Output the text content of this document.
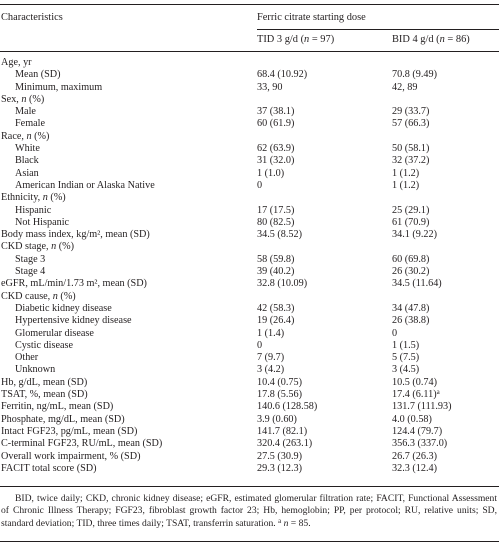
Characteristics	Ferric citrate starting dose
TID 3 g/d (n = 97)	BID 4 g/d (n = 86)
Age, yr
Mean (SD)	68.4 (10.92)	70.8 (9.49)
Minimum, maximum	33, 90	42, 89
Sex, n (%)
Male	37 (38.1)	29 (33.7)
Female	60 (61.9)	57 (66.3)
Race, n (%)
White	62 (63.9)	50 (58.1)
Black	31 (32.0)	32 (37.2)
Asian	1 (1.0)	1 (1.2)
American Indian or Alaska Native	0	1 (1.2)
Ethnicity, n (%)
Hispanic	17 (17.5)	25 (29.1)
Not Hispanic	80 (82.5)	61 (70.9)
Body mass index, kg/m², mean (SD)	34.5 (8.52)	34.1 (9.22)
CKD stage, n (%)
Stage 3	58 (59.8)	60 (69.8)
Stage 4	39 (40.2)	26 (30.2)
eGFR, mL/min/1.73 m², mean (SD)	32.8 (10.09)	34.5 (11.64)
CKD cause, n (%)
Diabetic kidney disease	42 (58.3)	34 (47.8)
Hypertensive kidney disease	19 (26.4)	26 (38.8)
Glomerular disease	1 (1.4)	0
Cystic disease	0	1 (1.5)
Other	7 (9.7)	5 (7.5)
Unknown	3 (4.2)	3 (4.5)
Hb, g/dL, mean (SD)	10.4 (0.75)	10.5 (0.74)
TSAT, %, mean (SD)	17.8 (5.56)	17.4 $(6.11)^a$
Ferritin, ng/mL, mean (SD)	140.6 (128.58)	131.7 (111.93)
Phosphate, mg/dL, mean (SD)	3.9 (0.60)	4.0 (0.58)
Intact FGF23, pg/mL, mean (SD)	141.7 (82.1)	124.4 (79.7)
C-terminal FGF23, RU/mL, mean (SD)	320.4 (263.1)	356.3 (337.0)
Overall work impairment, % (SD)	27.5 (30.9)	26.7 (26.3)
FACIT total score (SD)	29.3 (12.3)	32.3 (12.4)
BID, twice daily; CKD, chronic kidney disease; eGFR, estimated glomerular filtration rate; FACIT, Functional Assessment of Chronic Illness Therapy; FGF23, fibroblast growth factor 23; Hb, hemoglobin; PP, per protocol; RU, relative units; SD, standard deviation; TID, three times daily; TSAT, transferrin saturation. $^a$ n = 85.
